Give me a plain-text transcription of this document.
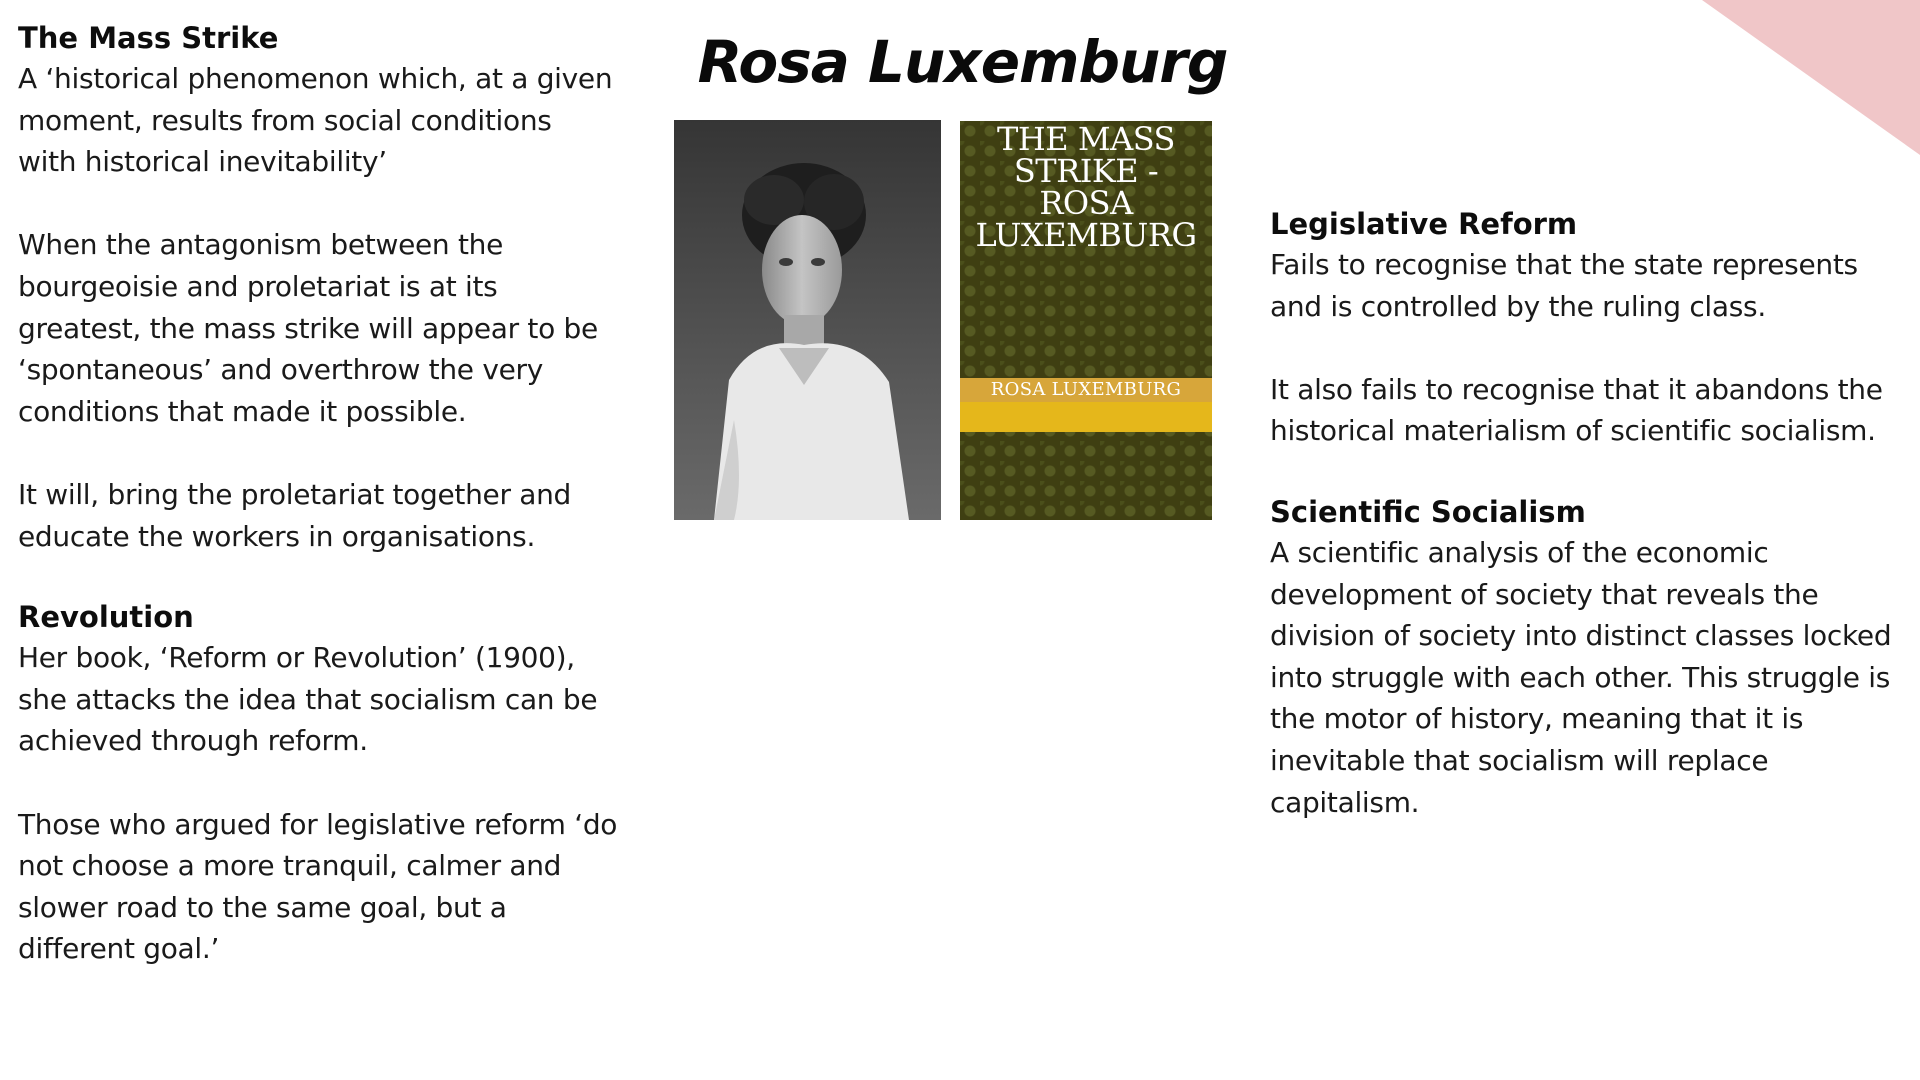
The Mass Strike

A ‘historical phenomenon which, at a given moment, results from social conditions with historical inevitability’

When the antagonism between the bourgeoisie and proletariat is at its greatest, the mass strike will appear to be ‘spontaneous’ and overthrow the very conditions that made it possible.

It will, bring the proletariat together and educate the workers in organisations.

Revolution

Her book, ‘Reform or Revolution’ (1900), she attacks the idea that socialism can be achieved through reform.

Those who argued for legislative reform ‘do not choose a more tranquil, calmer and slower road to the same goal, but a different goal.’

Rosa Luxemburg

THE MASS
STRIKE -
ROSA
LUXEMBURG

ROSA LUXEMBURG
Legislative Reform

Fails to recognise that the state represents and is controlled by the ruling class.

It also fails to recognise that it abandons the historical materialism of scientific socialism.

Scientific Socialism

A scientific analysis of the economic development of society that reveals the division of society into distinct classes locked into struggle with each other. This struggle is the motor of history, meaning that it is inevitable that socialism will replace capitalism.
